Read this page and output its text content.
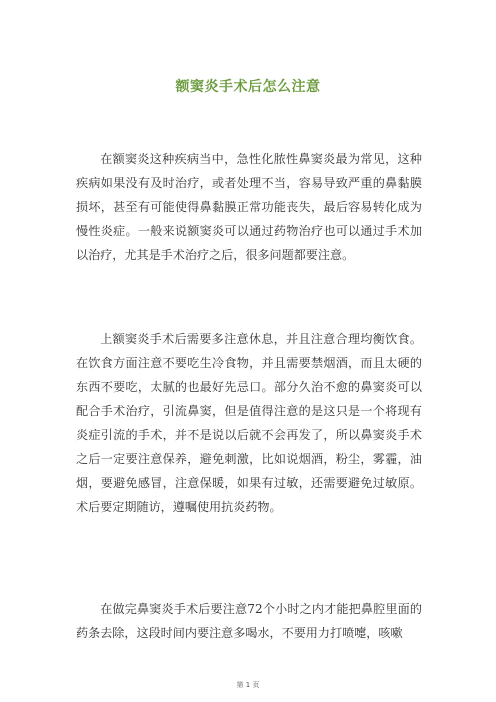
额窦炎手术后怎么注意

在额窦炎这种疾病当中，急性化脓性鼻窦炎最为常见，这种疾病如果没有及时治疗，或者处理不当，容易导致严重的鼻黏膜损坏，甚至有可能使得鼻黏膜正常功能丧失，最后容易转化成为慢性炎症。一般来说额窦炎可以通过药物治疗也可以通过手术加以治疗，尤其是手术治疗之后，很多问题都要注意。

上额窦炎手术后需要多注意休息，并且注意合理均衡饮食。在饮食方面注意不要吃生冷食物，并且需要禁烟酒，而且太硬的东西不要吃，太腻的也最好先忌口。部分久治不愈的鼻窦炎可以配合手术治疗，引流鼻窦，但是值得注意的是这只是一个将现有炎症引流的手术，并不是说以后就不会再发了，所以鼻窦炎手术之后一定要注意保养，避免刺激，比如说烟酒，粉尘，雾霾，油烟，要避免感冒，注意保暖，如果有过敏，还需要避免过敏原。术后要定期随访，遵嘱使用抗炎药物。

在做完鼻窦炎手术后要注意72个小时之内才能把鼻腔里面的药条去除，这段时间内要注意多喝水，不要用力打喷嚏，咳嗽

第 1 页
